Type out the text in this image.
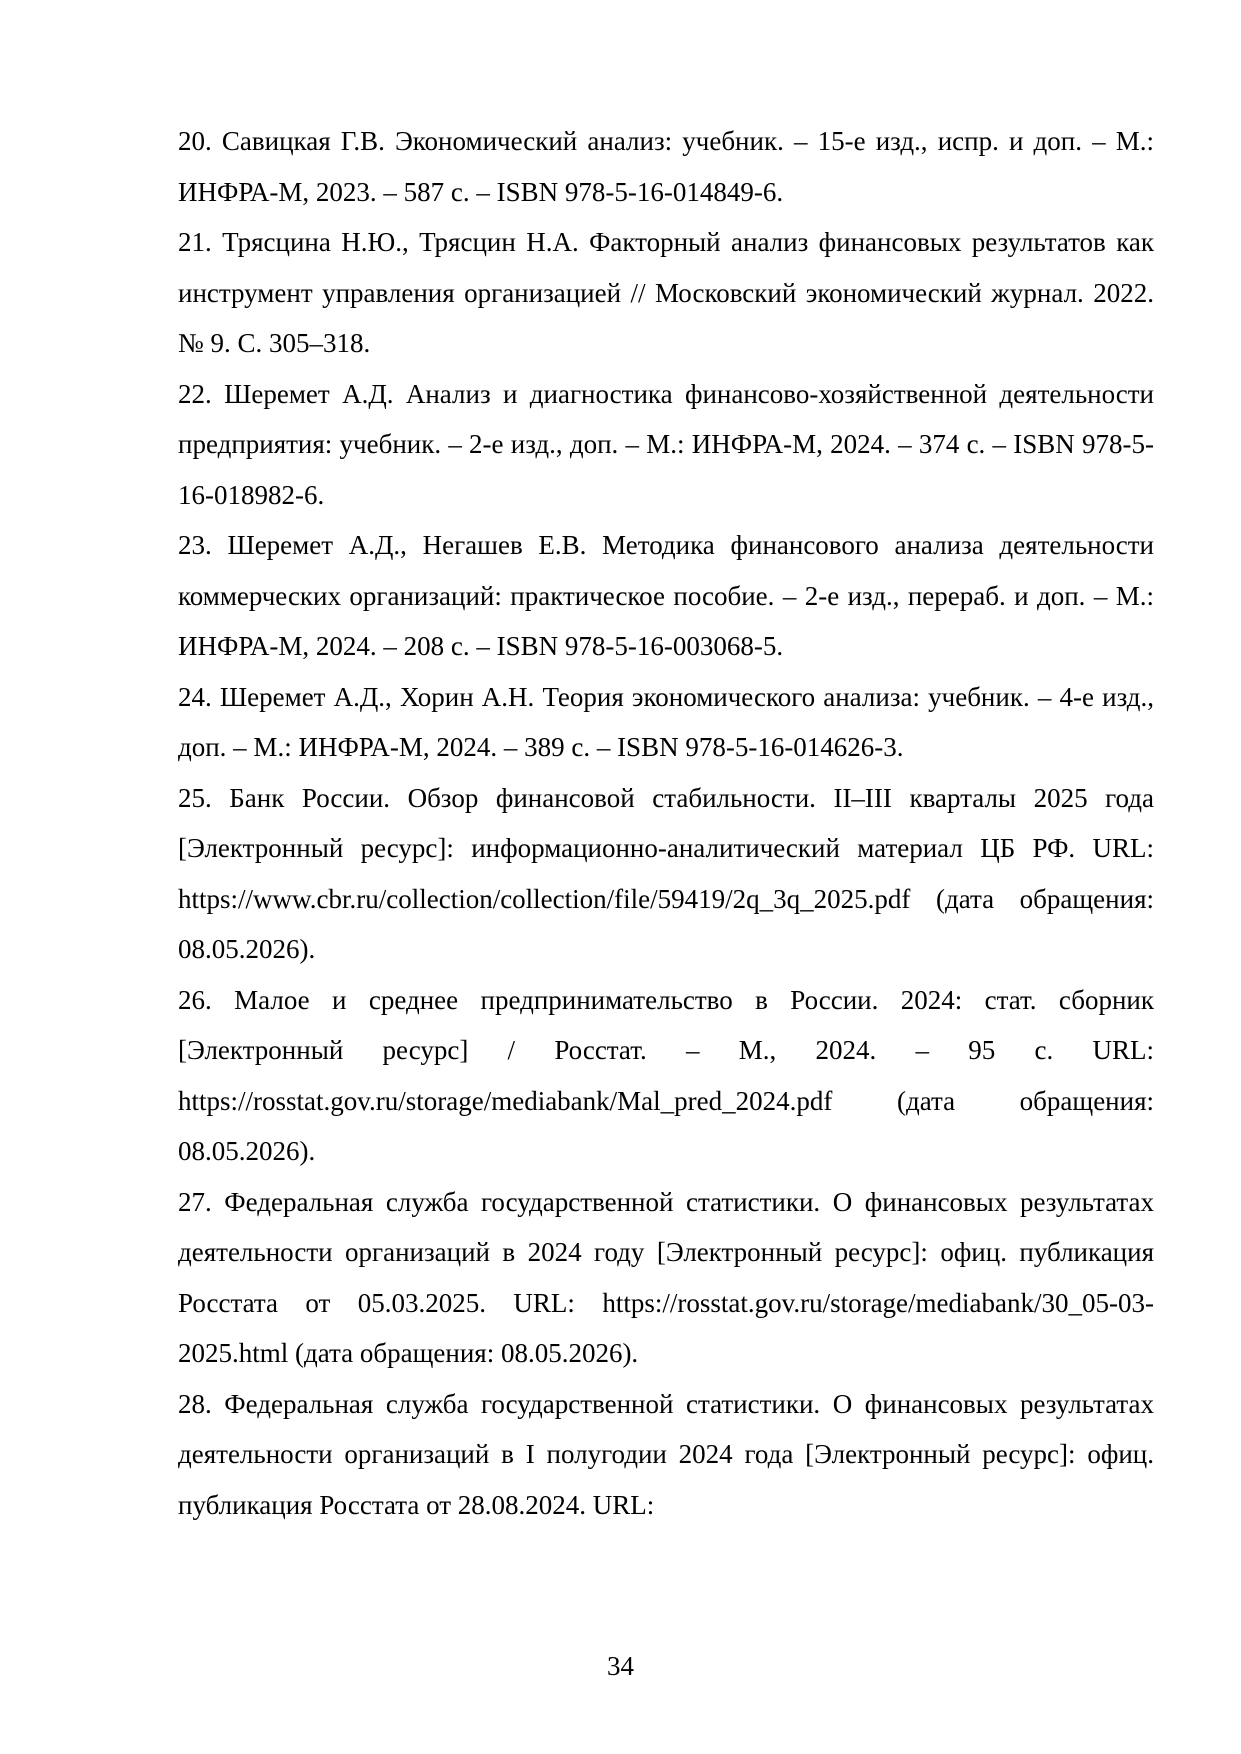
20. Савицкая Г.В. Экономический анализ: учебник. – 15-е изд., испр. и доп. – М.: ИНФРА-М, 2023. – 587 с. – ISBN 978-5-16-014849-6.

21. Трясцина Н.Ю., Трясцин Н.А. Факторный анализ финансовых результатов как инструмент управления организацией // Московский экономический журнал. 2022. № 9. С. 305–318.

22. Шеремет А.Д. Анализ и диагностика финансово-хозяйственной деятельности предприятия: учебник. – 2-е изд., доп. – М.: ИНФРА-М, 2024. – 374 с. – ISBN 978-5-16-018982-6.

23. Шеремет А.Д., Негашев Е.В. Методика финансового анализа деятельности коммерческих организаций: практическое пособие. – 2-е изд., перераб. и доп. – М.: ИНФРА-М, 2024. – 208 с. – ISBN 978-5-16-003068-5.

24. Шеремет А.Д., Хорин А.Н. Теория экономического анализа: учебник. – 4-е изд., доп. – М.: ИНФРА-М, 2024. – 389 с. – ISBN 978-5-16-014626-3.

25. Банк России. Обзор финансовой стабильности. II–III кварталы 2025 года [Электронный ресурс]: информационно-аналитический материал ЦБ РФ. URL: https://www.cbr.ru/collection/collection/file/59419/2q_3q_2025.pdf (дата обращения: 08.05.2026).

26. Малое и среднее предпринимательство в России. 2024: стат. сборник [Электронный ресурс] / Росстат. – М., 2024. – 95 с. URL: https://rosstat.gov.ru/storage/mediabank/Mal_pred_2024.pdf (дата обращения: 08.05.2026).

27. Федеральная служба государственной статистики. О финансовых результатах деятельности организаций в 2024 году [Электронный ресурс]: офиц. публикация Росстата от 05.03.2025. URL: https://rosstat.gov.ru/storage/mediabank/30_05-03-2025.html (дата обращения: 08.05.2026).

28. Федеральная служба государственной статистики. О финансовых результатах деятельности организаций в I полугодии 2024 года [Электронный ресурс]: офиц. публикация Росстата от 28.08.2024. URL:

34
